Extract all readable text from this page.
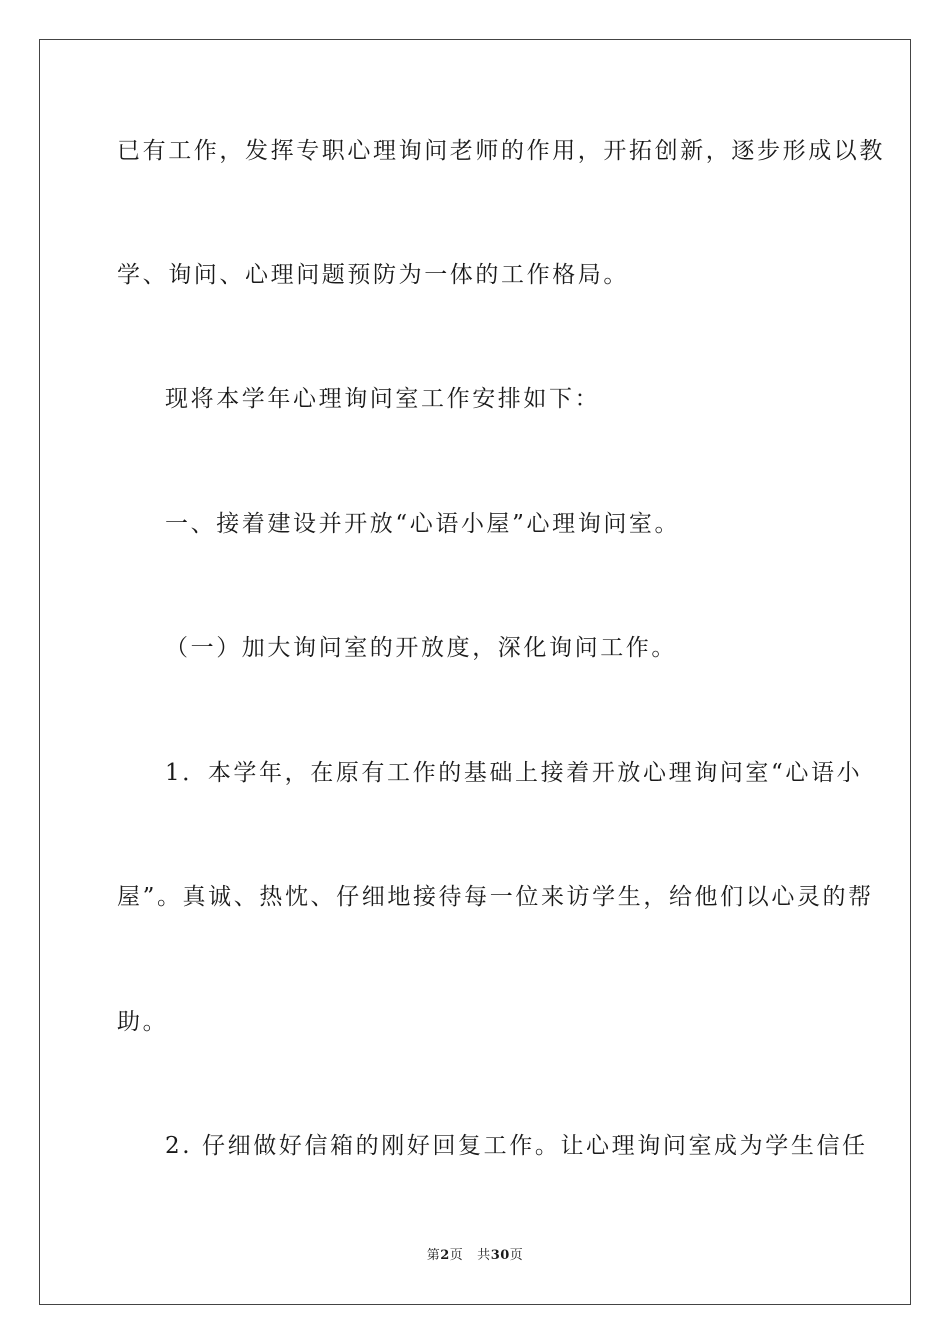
已有工作，发挥专职心理询问老师的作用，开拓创新，逐步形成以教
学、询问、心理问题预防为一体的工作格局。
现将本学年心理询问室工作安排如下：
一、接着建设并开放“心语小屋”心理询问室。
（一）加大询问室的开放度，深化询问工作。
1．本学年，在原有工作的基础上接着开放心理询问室“心语小
屋”。真诚、热忱、仔细地接待每一位来访学生，给他们以心灵的帮
助。
2. 仔细做好信箱的刚好回复工作。让心理询问室成为学生信任
第2页 共30页
